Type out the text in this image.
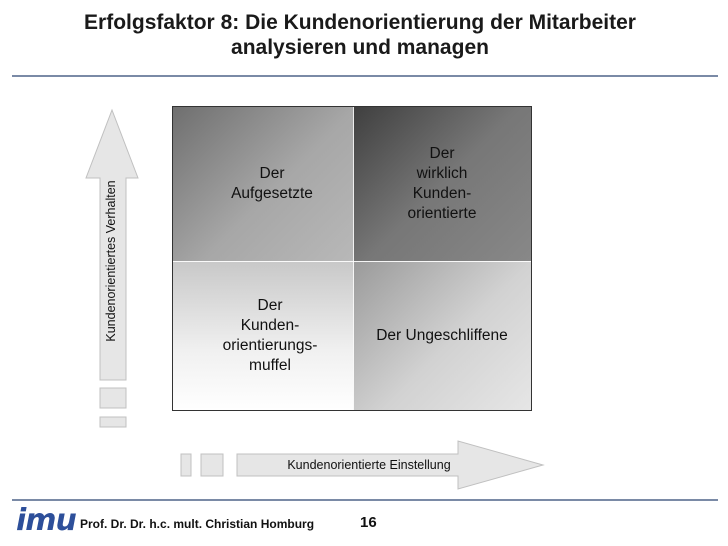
Erfolgsfaktor 8: Die Kundenorientierung der Mitarbeiter
analysieren und managen
Kundenorientiertes Verhalten
Kundenorientierte Einstellung
Der
Aufgesetzte
Der
wirklich
Kunden-
orientierte
Der
Kunden-
orientierungs-
muffel
Der Ungeschliffene
imu Prof. Dr. Dr. h.c. mult. Christian Homburg	16
